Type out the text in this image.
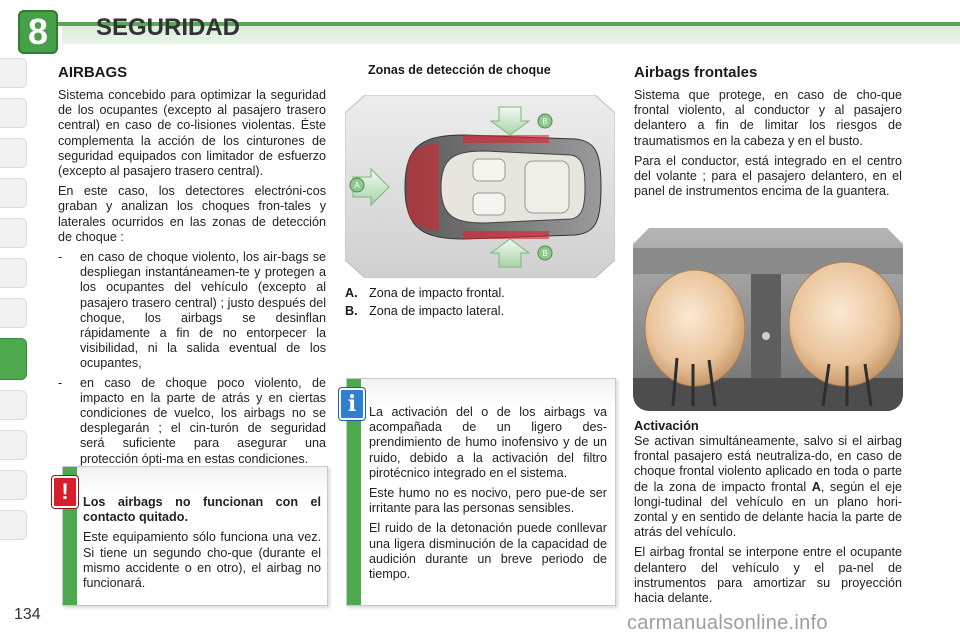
8	SEGURIDAD
AIRBAGS

Sistema concebido para optimizar la seguridad de los ocupantes (excepto al pasajero trasero central) en caso de co-lisiones violentas. Éste complementa la acción de los cinturones de seguridad equipados con limitador de esfuerzo (excepto al pasajero trasero central).

En este caso, los detectores electróni-cos graban y analizan los choques fron-tales y laterales ocurridos en las zonas de detección de choque :

-	en caso de choque violento, los air-bags se despliegan instantáneamen-te y protegen a los ocupantes del vehículo (excepto al pasajero trasero central) ; justo después del choque, los airbags se desinflan rápidamente a fin de no entorpecer la visibilidad, ni la salida eventual de los ocupantes,
-	en caso de choque poco violento, de impacto en la parte de atrás y en ciertas condiciones de vuelco, los airbags no se desplegarán ; el cin-turón de seguridad será suficiente para asegurar una protección ópti-ma en estas condiciones.

Los airbags no funcionan con el contacto quitado.

Este equipamiento sólo funciona una vez. Si tiene un segundo cho-que (durante el mismo accidente o en otro), el airbag no funcionará.

!
Zonas de detección de choque
B
B
A
A. Zona de impacto frontal.
B. Zona de impacto lateral.

La activación del o de los airbags va acompañada de un ligero des-prendimiento de humo inofensivo y de un ruido, debido a la activación del filtro pirotécnico integrado en el sistema.

Este humo no es nocivo, pero pue-de ser irritante para las personas sensibles.

El ruido de la detonación puede conllevar una ligera disminución de la capacidad de audición durante un breve periodo de tiempo.

i
Airbags frontales

Sistema que protege, en caso de cho-que frontal violento, al conductor y al pasajero delantero a fin de limitar los riesgos de traumatismos en la cabeza y en el busto.

Para el conductor, está integrado en el centro del volante ; para el pasajero delantero, en el panel de instrumentos encima de la guantera.

Activación

Se activan simultáneamente, salvo si el airbag frontal pasajero está neutraliza-do, en caso de choque frontal violento aplicado en toda o parte de la zona de impacto frontal A, según el eje longi-tudinal del vehículo en un plano hori-zontal y en sentido de delante hacia la parte de atrás del vehículo.

El airbag frontal se interpone entre el ocupante delantero del vehículo y el pa-nel de instrumentos para amortizar su proyección hacia delante.

134	carmanualsonline.info
